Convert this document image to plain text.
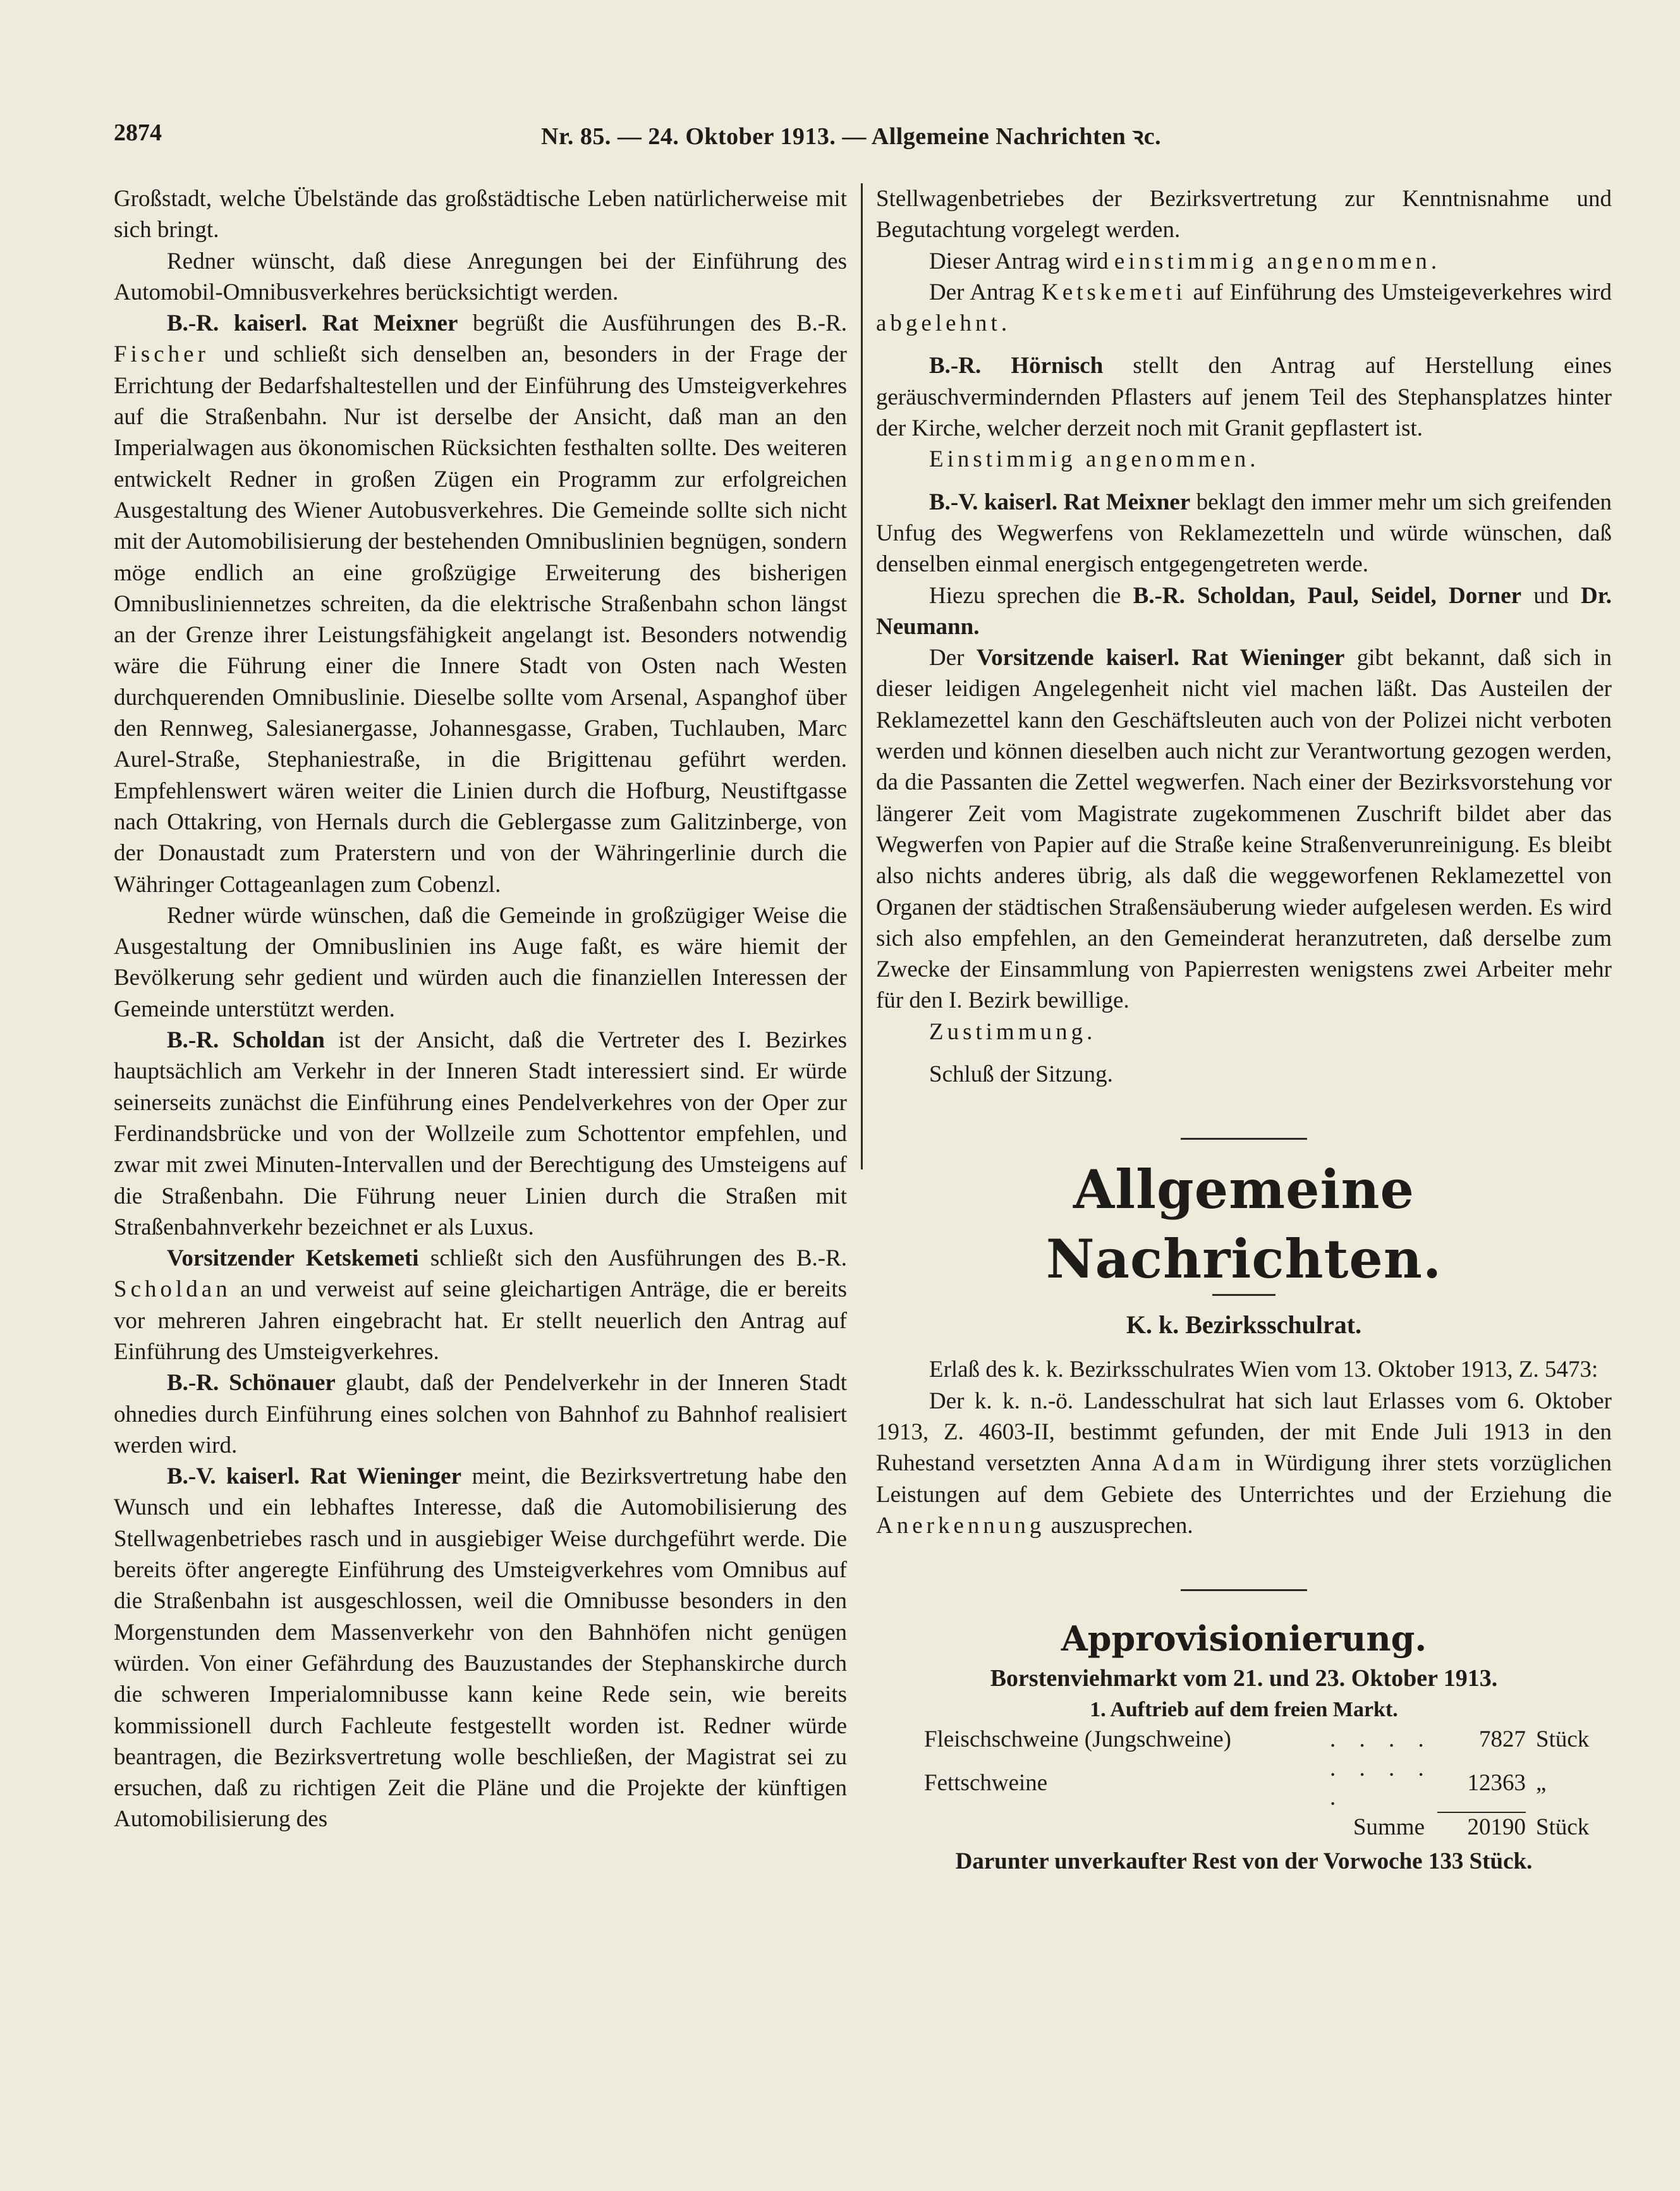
2874	Nr. 85. — 24. Oktober 1913. — Allgemeine Nachrichten ꝛc.

Großstadt, welche Übelstände das großstädtische Leben natürlicherweise mit sich bringt.

Redner wünscht, daß diese Anregungen bei der Einführung des Automobil-Omnibusverkehres berücksichtigt werden.

B.-R. kaiserl. Rat Meixner begrüßt die Ausführungen des B.-R. Fischer und schließt sich denselben an, besonders in der Frage der Errichtung der Bedarfshaltestellen und der Einführung des Umsteigverkehres auf die Straßenbahn. Nur ist derselbe der Ansicht, daß man an den Imperialwagen aus ökonomischen Rücksichten festhalten sollte. Des weiteren entwickelt Redner in großen Zügen ein Programm zur erfolgreichen Ausgestaltung des Wiener Autobusverkehres. Die Gemeinde sollte sich nicht mit der Automobilisierung der bestehenden Omnibuslinien begnügen, sondern möge endlich an eine großzügige Erweiterung des bisherigen Omnibusliniennetzes schreiten, da die elektrische Straßenbahn schon längst an der Grenze ihrer Leistungsfähigkeit angelangt ist. Besonders notwendig wäre die Führung einer die Innere Stadt von Osten nach Westen durchquerenden Omnibuslinie. Dieselbe sollte vom Arsenal, Aspanghof über den Rennweg, Salesianergasse, Johannesgasse, Graben, Tuchlauben, Marc Aurel-Straße, Stephaniestraße, in die Brigittenau geführt werden. Empfehlenswert wären weiter die Linien durch die Hofburg, Neustiftgasse nach Ottakring, von Hernals durch die Geblergasse zum Galitzinberge, von der Donaustadt zum Praterstern und von der Währingerlinie durch die Währinger Cottageanlagen zum Cobenzl.

Redner würde wünschen, daß die Gemeinde in großzügiger Weise die Ausgestaltung der Omnibuslinien ins Auge faßt, es wäre hiemit der Bevölkerung sehr gedient und würden auch die finanziellen Interessen der Gemeinde unterstützt werden.

B.-R. Scholdan ist der Ansicht, daß die Vertreter des I. Bezirkes hauptsächlich am Verkehr in der Inneren Stadt interessiert sind. Er würde seinerseits zunächst die Einführung eines Pendelverkehres von der Oper zur Ferdinandsbrücke und von der Wollzeile zum Schottentor empfehlen, und zwar mit zwei Minuten-Intervallen und der Berechtigung des Umsteigens auf die Straßenbahn. Die Führung neuer Linien durch die Straßen mit Straßenbahnverkehr bezeichnet er als Luxus.

Vorsitzender Ketskemeti schließt sich den Ausführungen des B.-R. Scholdan an und verweist auf seine gleichartigen Anträge, die er bereits vor mehreren Jahren eingebracht hat. Er stellt neuerlich den Antrag auf Einführung des Umsteigverkehres.

B.-R. Schönauer glaubt, daß der Pendelverkehr in der Inneren Stadt ohnedies durch Einführung eines solchen von Bahnhof zu Bahnhof realisiert werden wird.

B.-V. kaiserl. Rat Wieninger meint, die Bezirksvertretung habe den Wunsch und ein lebhaftes Interesse, daß die Automobilisierung des Stellwagenbetriebes rasch und in ausgiebiger Weise durchgeführt werde. Die bereits öfter angeregte Einführung des Umsteigverkehres vom Omnibus auf die Straßenbahn ist ausgeschlossen, weil die Omnibusse besonders in den Morgenstunden dem Massenverkehr von den Bahnhöfen nicht genügen würden. Von einer Gefährdung des Bauzustandes der Stephanskirche durch die schweren Imperialomnibusse kann keine Rede sein, wie bereits kommissionell durch Fachleute festgestellt worden ist. Redner würde beantragen, die Bezirksvertretung wolle beschließen, der Magistrat sei zu ersuchen, daß zu richtigen Zeit die Pläne und die Projekte der künftigen Automobilisierung des

Stellwagenbetriebes der Bezirksvertretung zur Kenntnisnahme und Begutachtung vorgelegt werden.

Dieser Antrag wird einstimmig angenommen.

Der Antrag Ketskemeti auf Einführung des Umsteigeverkehres wird abgelehnt.

B.-R. Hörnisch stellt den Antrag auf Herstellung eines geräuschvermindernden Pflasters auf jenem Teil des Stephansplatzes hinter der Kirche, welcher derzeit noch mit Granit gepflastert ist.

Einstimmig angenommen.

B.-V. kaiserl. Rat Meixner beklagt den immer mehr um sich greifenden Unfug des Wegwerfens von Reklamezetteln und würde wünschen, daß denselben einmal energisch entgegengetreten werde.

Hiezu sprechen die B.-R. Scholdan, Paul, Seidel, Dorner und Dr. Neumann.

Der Vorsitzende kaiserl. Rat Wieninger gibt bekannt, daß sich in dieser leidigen Angelegenheit nicht viel machen läßt. Das Austeilen der Reklamezettel kann den Geschäftsleuten auch von der Polizei nicht verboten werden und können dieselben auch nicht zur Verantwortung gezogen werden, da die Passanten die Zettel wegwerfen. Nach einer der Bezirksvorstehung vor längerer Zeit vom Magistrate zugekommenen Zuschrift bildet aber das Wegwerfen von Papier auf die Straße keine Straßenverunreinigung. Es bleibt also nichts anderes übrig, als daß die weggeworfenen Reklamezettel von Organen der städtischen Straßensäuberung wieder aufgelesen werden. Es wird sich also empfehlen, an den Gemeinderat heranzutreten, daß derselbe zum Zwecke der Einsammlung von Papierresten wenigstens zwei Arbeiter mehr für den I. Bezirk bewillige.

Zustimmung.

Schluß der Sitzung.

Allgemeine Nachrichten.
K. k. Bezirksschulrat.

Erlaß des k. k. Bezirksschulrates Wien vom 13. Oktober 1913, Z. 5473:

Der k. k. n.-ö. Landesschulrat hat sich laut Erlasses vom 6. Oktober 1913, Z. 4603-II, bestimmt gefunden, der mit Ende Juli 1913 in den Ruhestand versetzten Anna Adam in Würdigung ihrer stets vorzüglichen Leistungen auf dem Gebiete des Unterrichtes und der Erziehung die Anerkennung auszusprechen.

Approvisionierung.
Borstenviehmarkt vom 21. und 23. Oktober 1913.
1. Auftrieb auf dem freien Markt.
Fleischschweine (Jungschweine)	. . . .	7827	Stück
Fettschweine	. . . . .	12363	„
Summe		20190	Stück
Darunter unverkaufter Rest von der Vorwoche 133 Stück.
